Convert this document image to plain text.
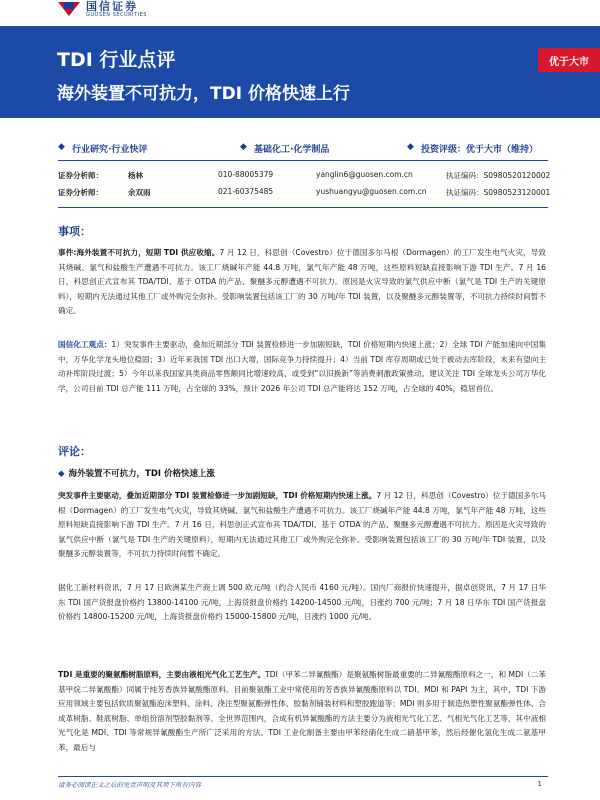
国信证券
GUOSEN SECURITIES
TDI 行业点评
海外装置不可抗力，TDI 价格快速上行
优于大市
◆ 行业研究·行业快评	◆ 基础化工·化学制品	◆ 投资评级：优于大市（维持）
证券分析师：	杨林	010-88005379	yanglin6@guosen.com.cn	执证编码：S0980520120002
证券分析师：	余双雨	021-60375485	yushuangyu@guosen.com.cn	执证编码：S0980523120001
事项：
事件:海外装置不可抗力，短期 TDI 供应收缩。7 月 12 日，科思创（Covestro）位于德国多尔马根（Dormagen）的工厂发生电气火灾，导致其烧碱、氯气和盐酸生产遭遇不可抗力。该工厂烧碱年产能 44.8 万吨，氯气年产能 48 万吨，这些原料短缺直接影响下游 TDI 生产。7 月 16 日，科思创正式宣布其 TDA/TDI、基于 OTDA 的产品、聚醚多元醇遭遇不可抗力。原因是火灾导致的氯气供应中断（氯气是 TDI 生产的关键原料），短期内无法通过其他工厂或外购完全弥补。受影响装置包括该工厂的 30 万吨/年 TDI 装置，以及聚醚多元醇装置等，不可抗力持续时间暂不确定。
国信化工观点：1）突发事件主要驱动，叠加近期部分 TDI 装置检修进一步加剧短缺，TDI 价格短期内快速上涨；2）全球 TDI 产能加速向中国集中，万华化学龙头地位稳固；3）近年来我国 TDI 出口大增，国际竞争力持续提升；4）当前 TDI 库存周期或已处于被动去库阶段，未来有望向主动补库阶段过渡；5）今年以来我国家具类商品零售额同比增速较高，或受到“以旧换新”等消费刺激政策推动。建议关注 TDI 全球龙头公司万华化学，公司目前 TDI 总产能 111 万吨，占全球的 33%，预计 2026 年公司 TDI 总产能将达 152 万吨，占全球的 40%，稳居首位。
评论：
◆ 海外装置不可抗力，TDI 价格快速上涨
突发事件主要驱动，叠加近期部分 TDI 装置检修进一步加剧短缺，TDI 价格短期内快速上涨。7 月 12 日，科思创（Covestro）位于德国多尔马根（Dormagen）的工厂发生电气火灾，导致其烧碱、氯气和盐酸生产遭遇不可抗力。该工厂烧碱年产能 44.8 万吨，氯气年产能 48 万吨，这些原料短缺直接影响下游 TDI 生产。7 月 16 日，科思创正式宣布其 TDA/TDI、基于 OTDA 的产品、聚醚多元醇遭遇不可抗力。原因是火灾导致的氯气供应中断（氯气是 TDI 生产的关键原料），短期内无法通过其他工厂或外购完全弥补。受影响装置包括该工厂的 30 万吨/年 TDI 装置，以及聚醚多元醇装置等，不可抗力持续时间暂不确定。
据化工新材料资讯，7 月 17 日欧洲某生产商上调 500 欧元/吨（约合人民币 4160 元/吨）。国内厂商报价快速提升，据卓创资讯，7 月 17 日华东 TDI 国产货报盘价格约 13800-14100 元/吨，上海货报盘价格约 14200-14500 元/吨，日涨约 700 元/吨；7 月 18 日华东 TDI 国产货报盘价格约 14800-15200 元/吨，上海货报盘价格约 15000-15800 元/吨，日涨约 1000 元/吨。
TDI 是重要的聚氨酯树脂原料，主要由液相光气化工艺生产。TDI（甲苯二异氰酸酯）是聚氨酯树脂最重要的二异氰酸酯原料之一，和 MDI（二苯基甲烷二异氰酸酯）同属于纯芳香族异氰酸酯原料。目前聚氨酯工业中常使用的芳香族异氰酸酯原料以 TDI、MDI 和 PAPI 为主，其中，TDI 下游应用领域主要包括软质聚氨酯泡沫塑料、涂料、浇注型聚氨酯弹性体、胶黏剂铺装材料和塑胶跑道等；MDI 则多用于制造热塑性聚氨酯弹性体、合成革树脂、鞋底树脂、单组份溶剂型胶黏剂等。全世界范围内，合成有机异氰酸酯的方法主要分为液相光气化工艺、气相光气化工艺等，其中液相光气化是 MDI、TDI 等常规异氰酸酯生产所广泛采用的方法。TDI 工业化制备主要由甲苯经硝化生成二硝基甲苯，然后经催化氢化生成二氨基甲苯，最后与
请务必阅读正文之后的免责声明及其项下所有内容	1
